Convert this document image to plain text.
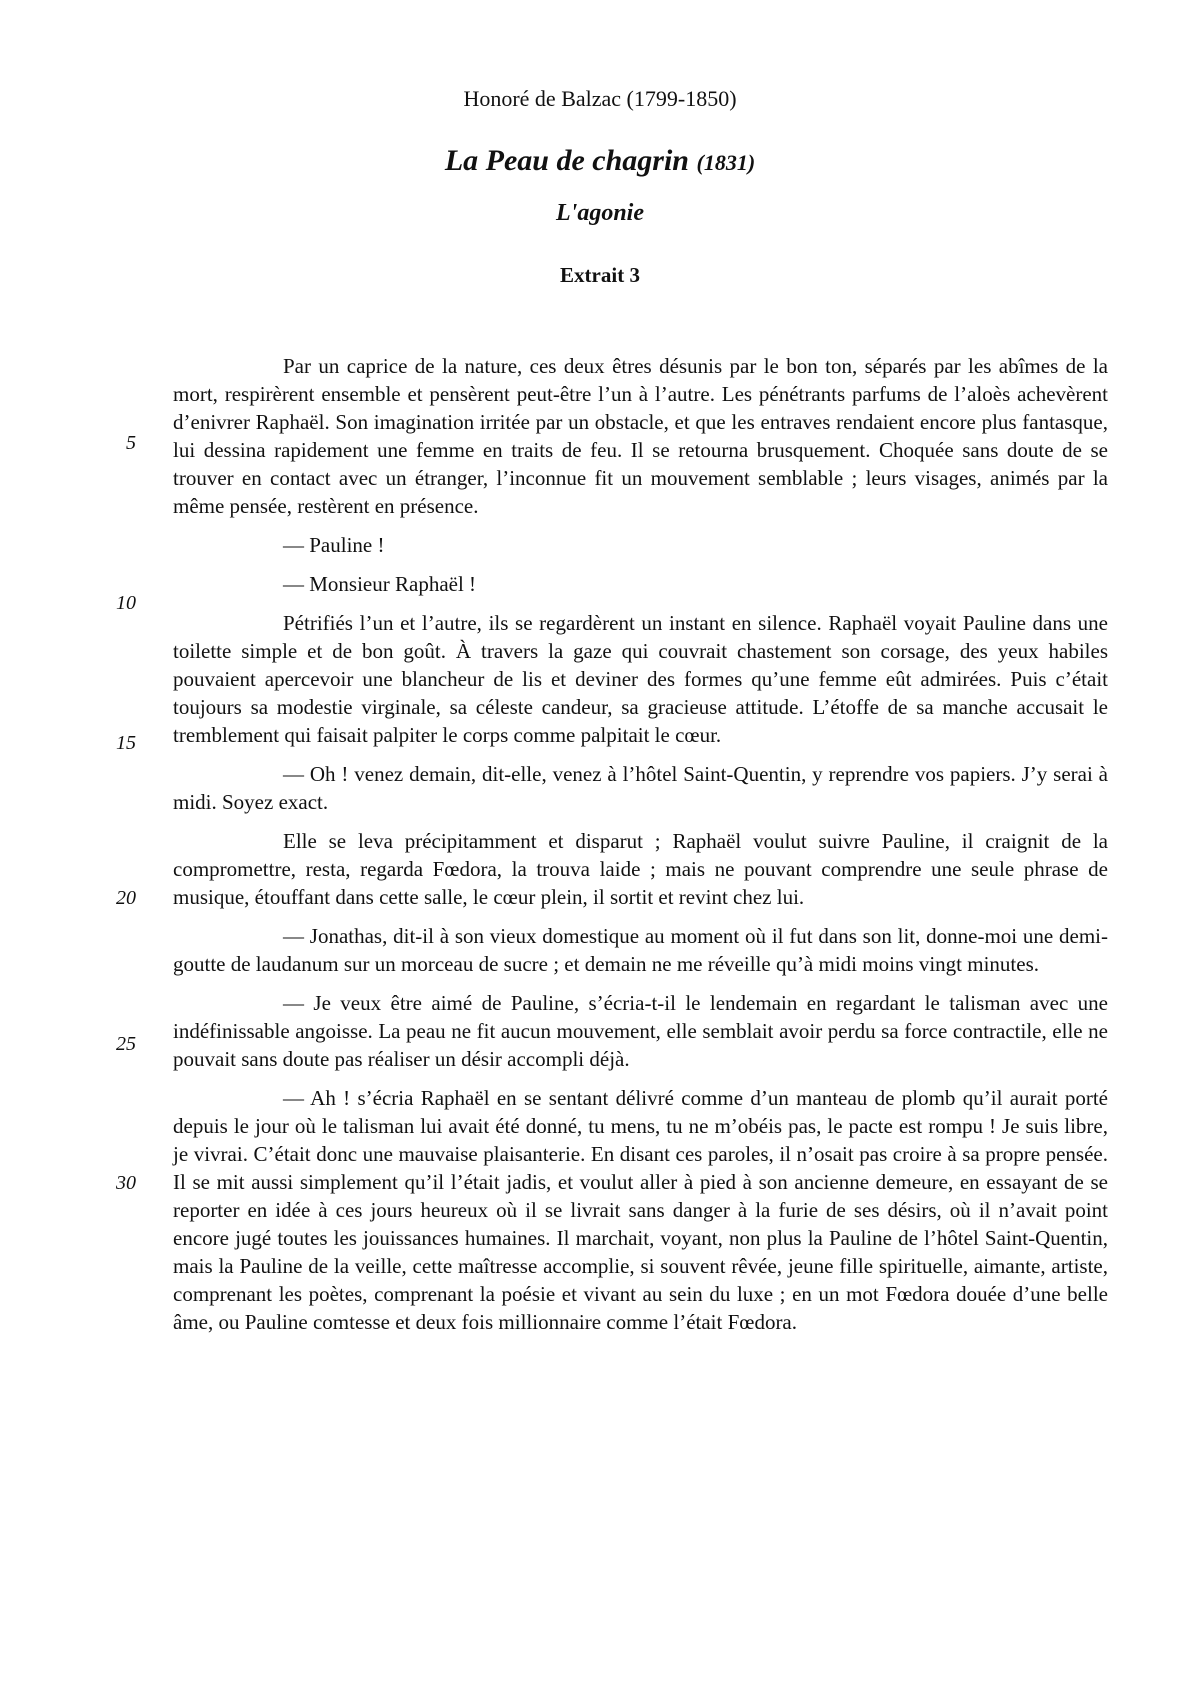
Honoré de Balzac (1799-1850)
La Peau de chagrin (1831)
L'agonie
Extrait 3
5
10
15
20
25
30

Par un caprice de la nature, ces deux êtres désunis par le bon ton, séparés par les abîmes de la mort, respirèrent ensemble et pensèrent peut-être l’un à l’autre. Les pénétrants parfums de l’aloès achevèrent d’enivrer Raphaël. Son imagination irritée par un obstacle, et que les entraves rendaient encore plus fantasque, lui dessina rapidement une femme en traits de feu. Il se retourna brusquement. Choquée sans doute de se trouver en contact avec un étranger, l’inconnue fit un mouvement semblable ; leurs visages, animés par la même pensée, restèrent en présence.

— Pauline !

— Monsieur Raphaël !

Pétrifiés l’un et l’autre, ils se regardèrent un instant en silence. Raphaël voyait Pauline dans une toilette simple et de bon goût. À travers la gaze qui couvrait chastement son corsage, des yeux habiles pouvaient apercevoir une blancheur de lis et deviner des formes qu’une femme eût admirées. Puis c’était toujours sa modestie virginale, sa céleste candeur, sa gracieuse attitude. L’étoffe de sa manche accusait le tremblement qui faisait palpiter le corps comme palpitait le cœur.

— Oh ! venez demain, dit-elle, venez à l’hôtel Saint-Quentin, y reprendre vos papiers. J’y serai à midi. Soyez exact.

Elle se leva précipitamment et disparut ; Raphaël voulut suivre Pauline, il craignit de la compromettre, resta, regarda Fœdora, la trouva laide ; mais ne pouvant comprendre une seule phrase de musique, étouffant dans cette salle, le cœur plein, il sortit et revint chez lui.

— Jonathas, dit-il à son vieux domestique au moment où il fut dans son lit, donne-moi une demi-goutte de laudanum sur un morceau de sucre ; et demain ne me réveille qu’à midi moins vingt minutes.

— Je veux être aimé de Pauline, s’écria-t-il le lendemain en regardant le talisman avec une indéfinissable angoisse. La peau ne fit aucun mouvement, elle semblait avoir perdu sa force contractile, elle ne pouvait sans doute pas réaliser un désir accompli déjà.

— Ah ! s’écria Raphaël en se sentant délivré comme d’un manteau de plomb qu’il aurait porté depuis le jour où le talisman lui avait été donné, tu mens, tu ne m’obéis pas, le pacte est rompu ! Je suis libre, je vivrai. C’était donc une mauvaise plaisanterie. En disant ces paroles, il n’osait pas croire à sa propre pensée. Il se mit aussi simplement qu’il l’était jadis, et voulut aller à pied à son ancienne demeure, en essayant de se reporter en idée à ces jours heureux où il se livrait sans danger à la furie de ses désirs, où il n’avait point encore jugé toutes les jouissances humaines. Il marchait, voyant, non plus la Pauline de l’hôtel Saint-Quentin, mais la Pauline de la veille, cette maîtresse accomplie, si souvent rêvée, jeune fille spirituelle, aimante, artiste, comprenant les poètes, comprenant la poésie et vivant au sein du luxe ; en un mot Fœdora douée d’une belle âme, ou Pauline comtesse et deux fois millionnaire comme l’était Fœdora.
